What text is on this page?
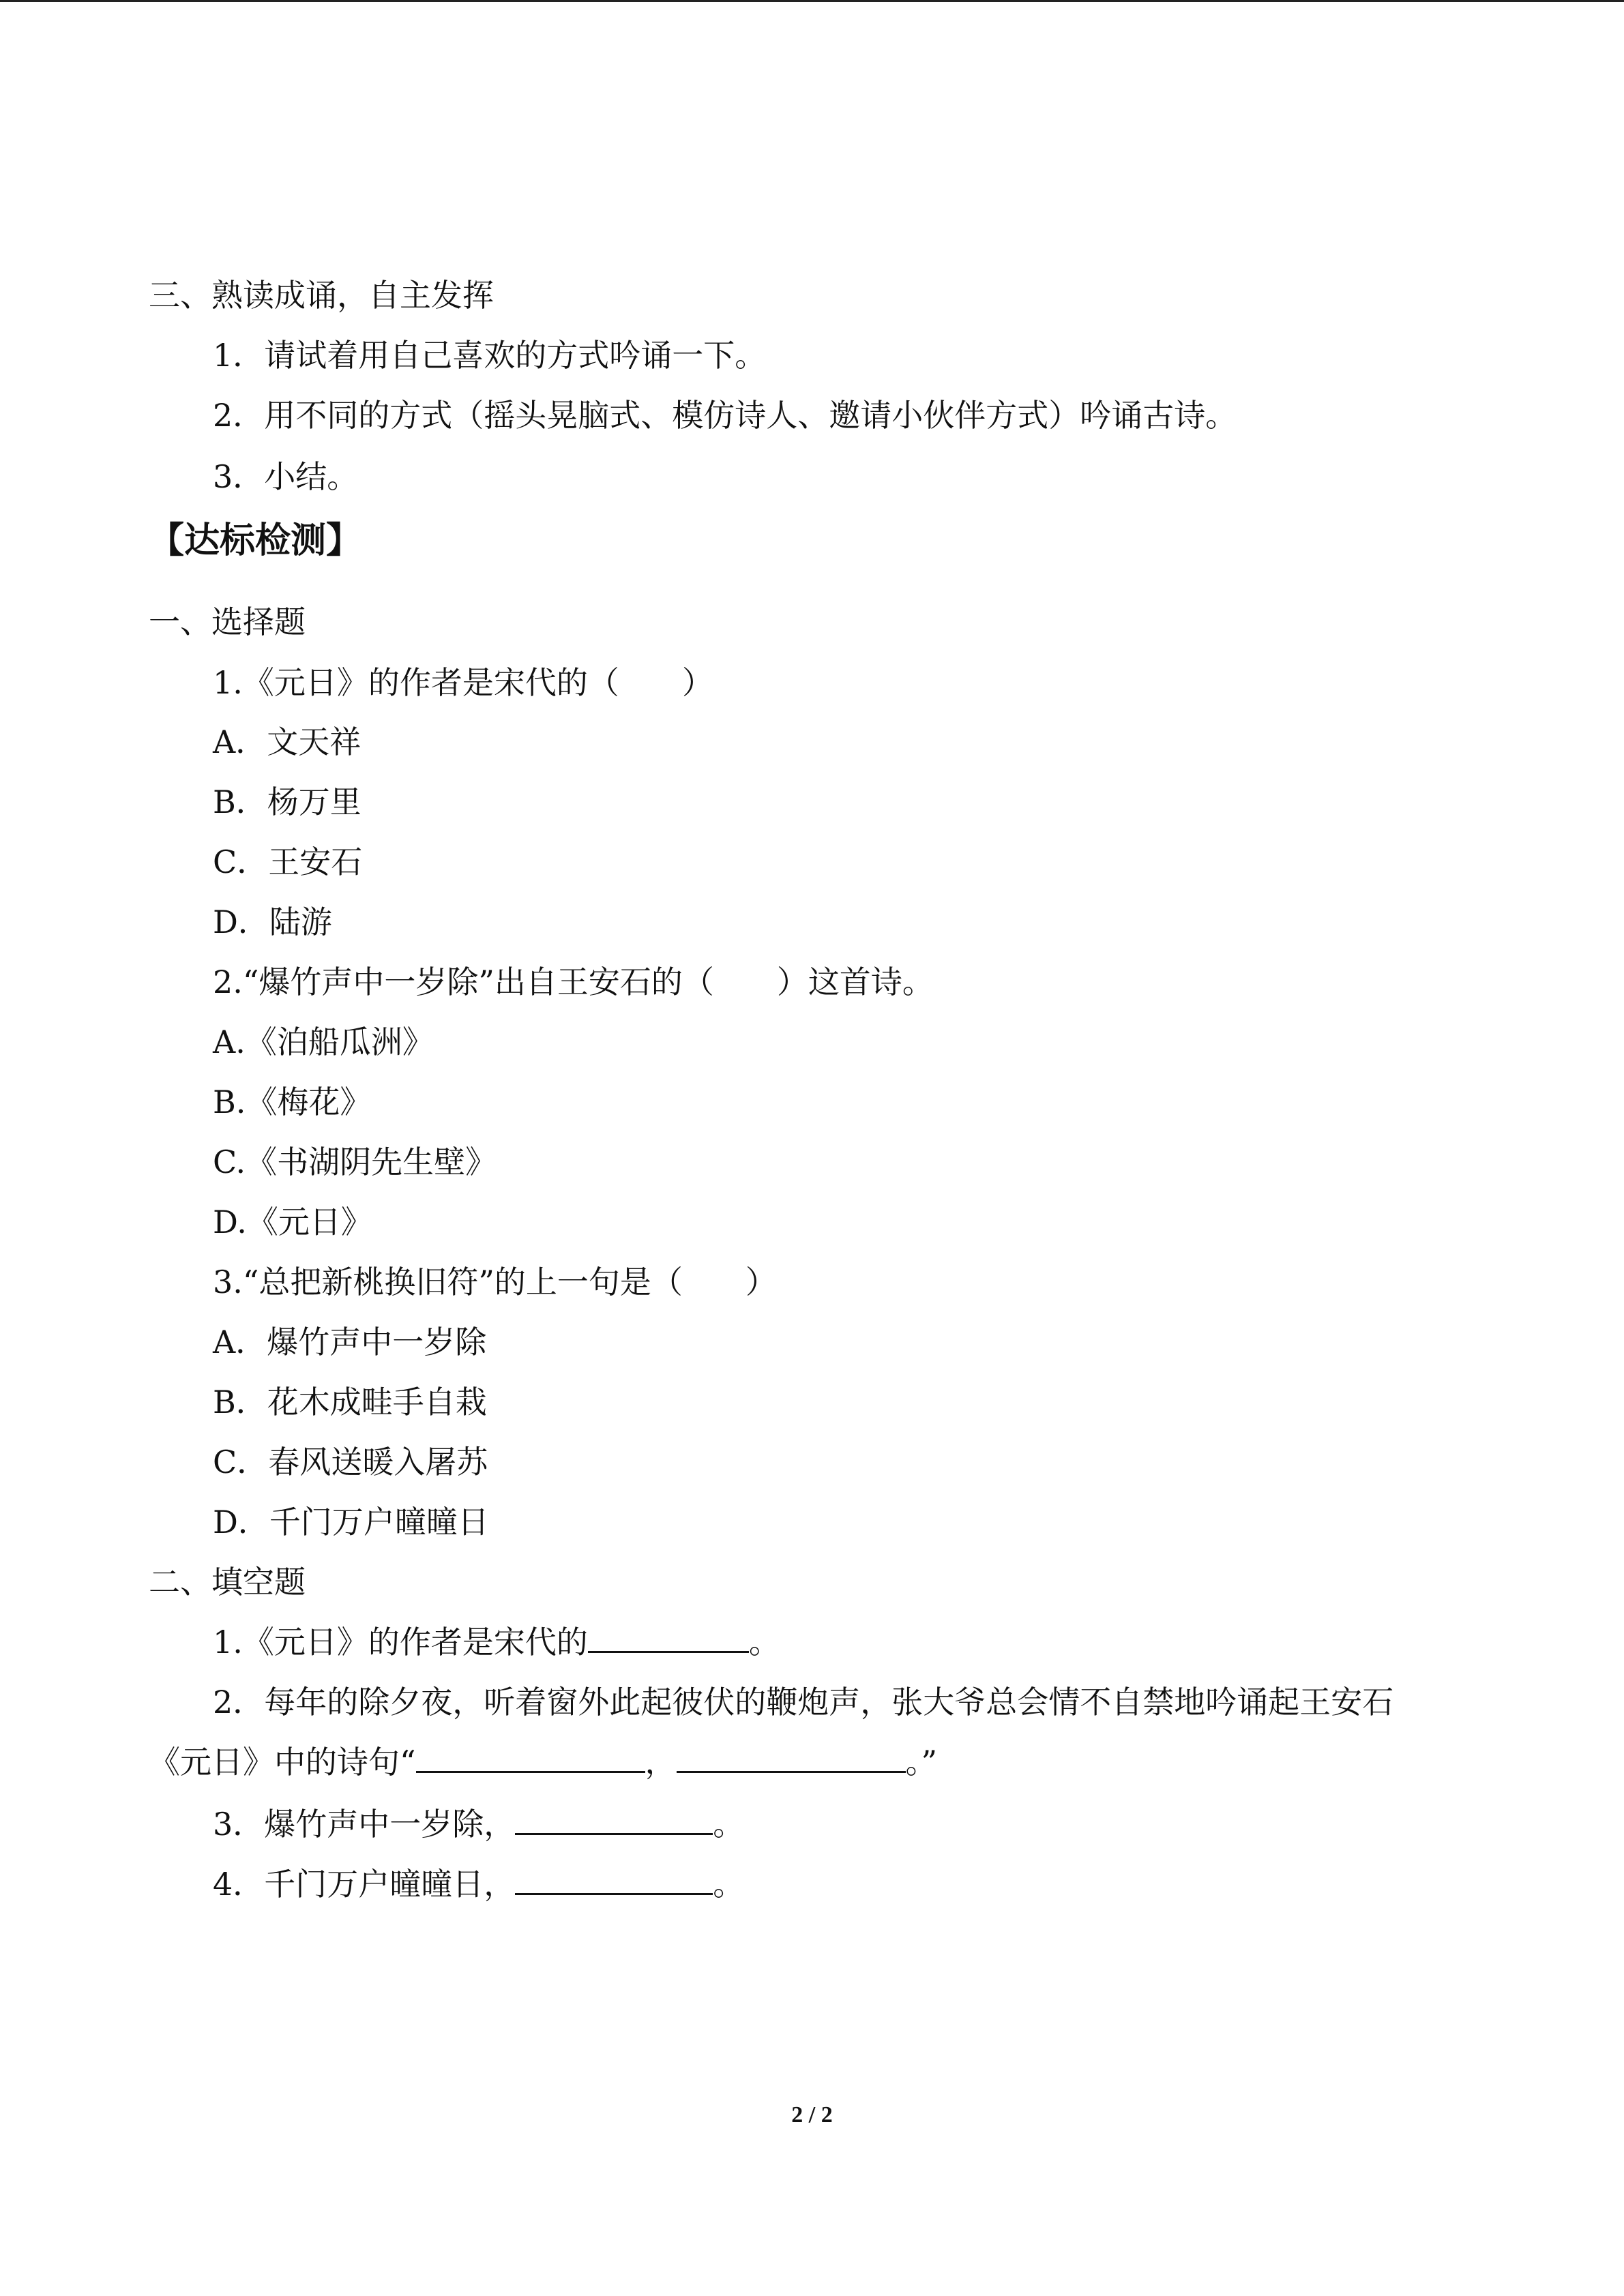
三、熟读成诵，自主发挥
1．请试着用自己喜欢的方式吟诵一下。
2．用不同的方式（摇头晃脑式、模仿诗人、邀请小伙伴方式）吟诵古诗。
3．小结。
【达标检测】
一、选择题
1.《元日》的作者是宋代的（　　）
A．文天祥
B．杨万里
C．王安石
D．陆游
2.“爆竹声中一岁除”出自王安石的（　　）这首诗。
A.《泊船瓜洲》
B.《梅花》
C.《书湖阴先生壁》
D.《元日》
3.“总把新桃换旧符”的上一句是（　　）
A．爆竹声中一岁除
B．花木成畦手自栽
C．春风送暖入屠苏
D．千门万户曈曈日
二、填空题
1.《元日》的作者是宋代的	。
2．每年的除夕夜，听着窗外此起彼伏的鞭炮声，张大爷总会情不自禁地吟诵起王安石
《元日》中的诗句“	，	。”
3．爆竹声中一岁除，	。
4．千门万户曈曈日，	。
2 / 2
